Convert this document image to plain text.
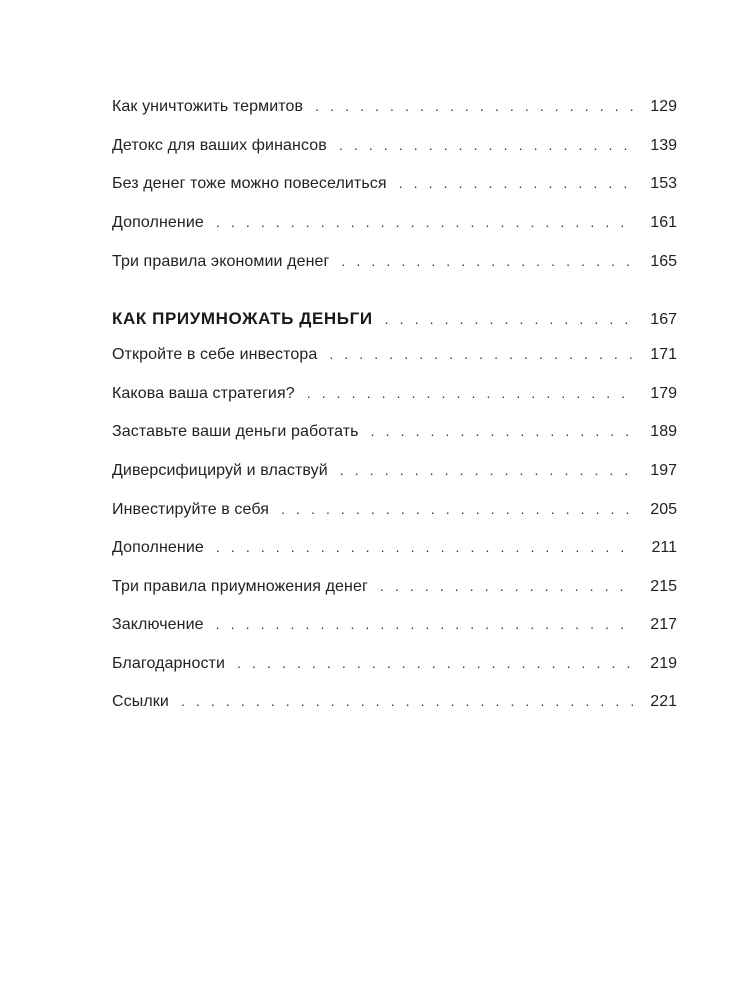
Как уничтожить термитов . . .	129
Детокс для ваших финансов . . .	139
Без денег тоже можно повеселиться . . .	153
Дополнение . . .	161
Три правила экономии денег . . .	165
КАК ПРИУМНОЖАТЬ ДЕНЬГИ . . .	167
Откройте в себе инвестора . . .	171
Какова ваша стратегия? . . .	179
Заставьте ваши деньги работать . . .	189
Диверсифицируй и властвуй . . .	197
Инвестируйте в себя . . .	205
Дополнение . . .	211
Три правила приумножения денег . . .	215
Заключение . . .	217
Благодарности . . .	219
Ссылки . . .	221
